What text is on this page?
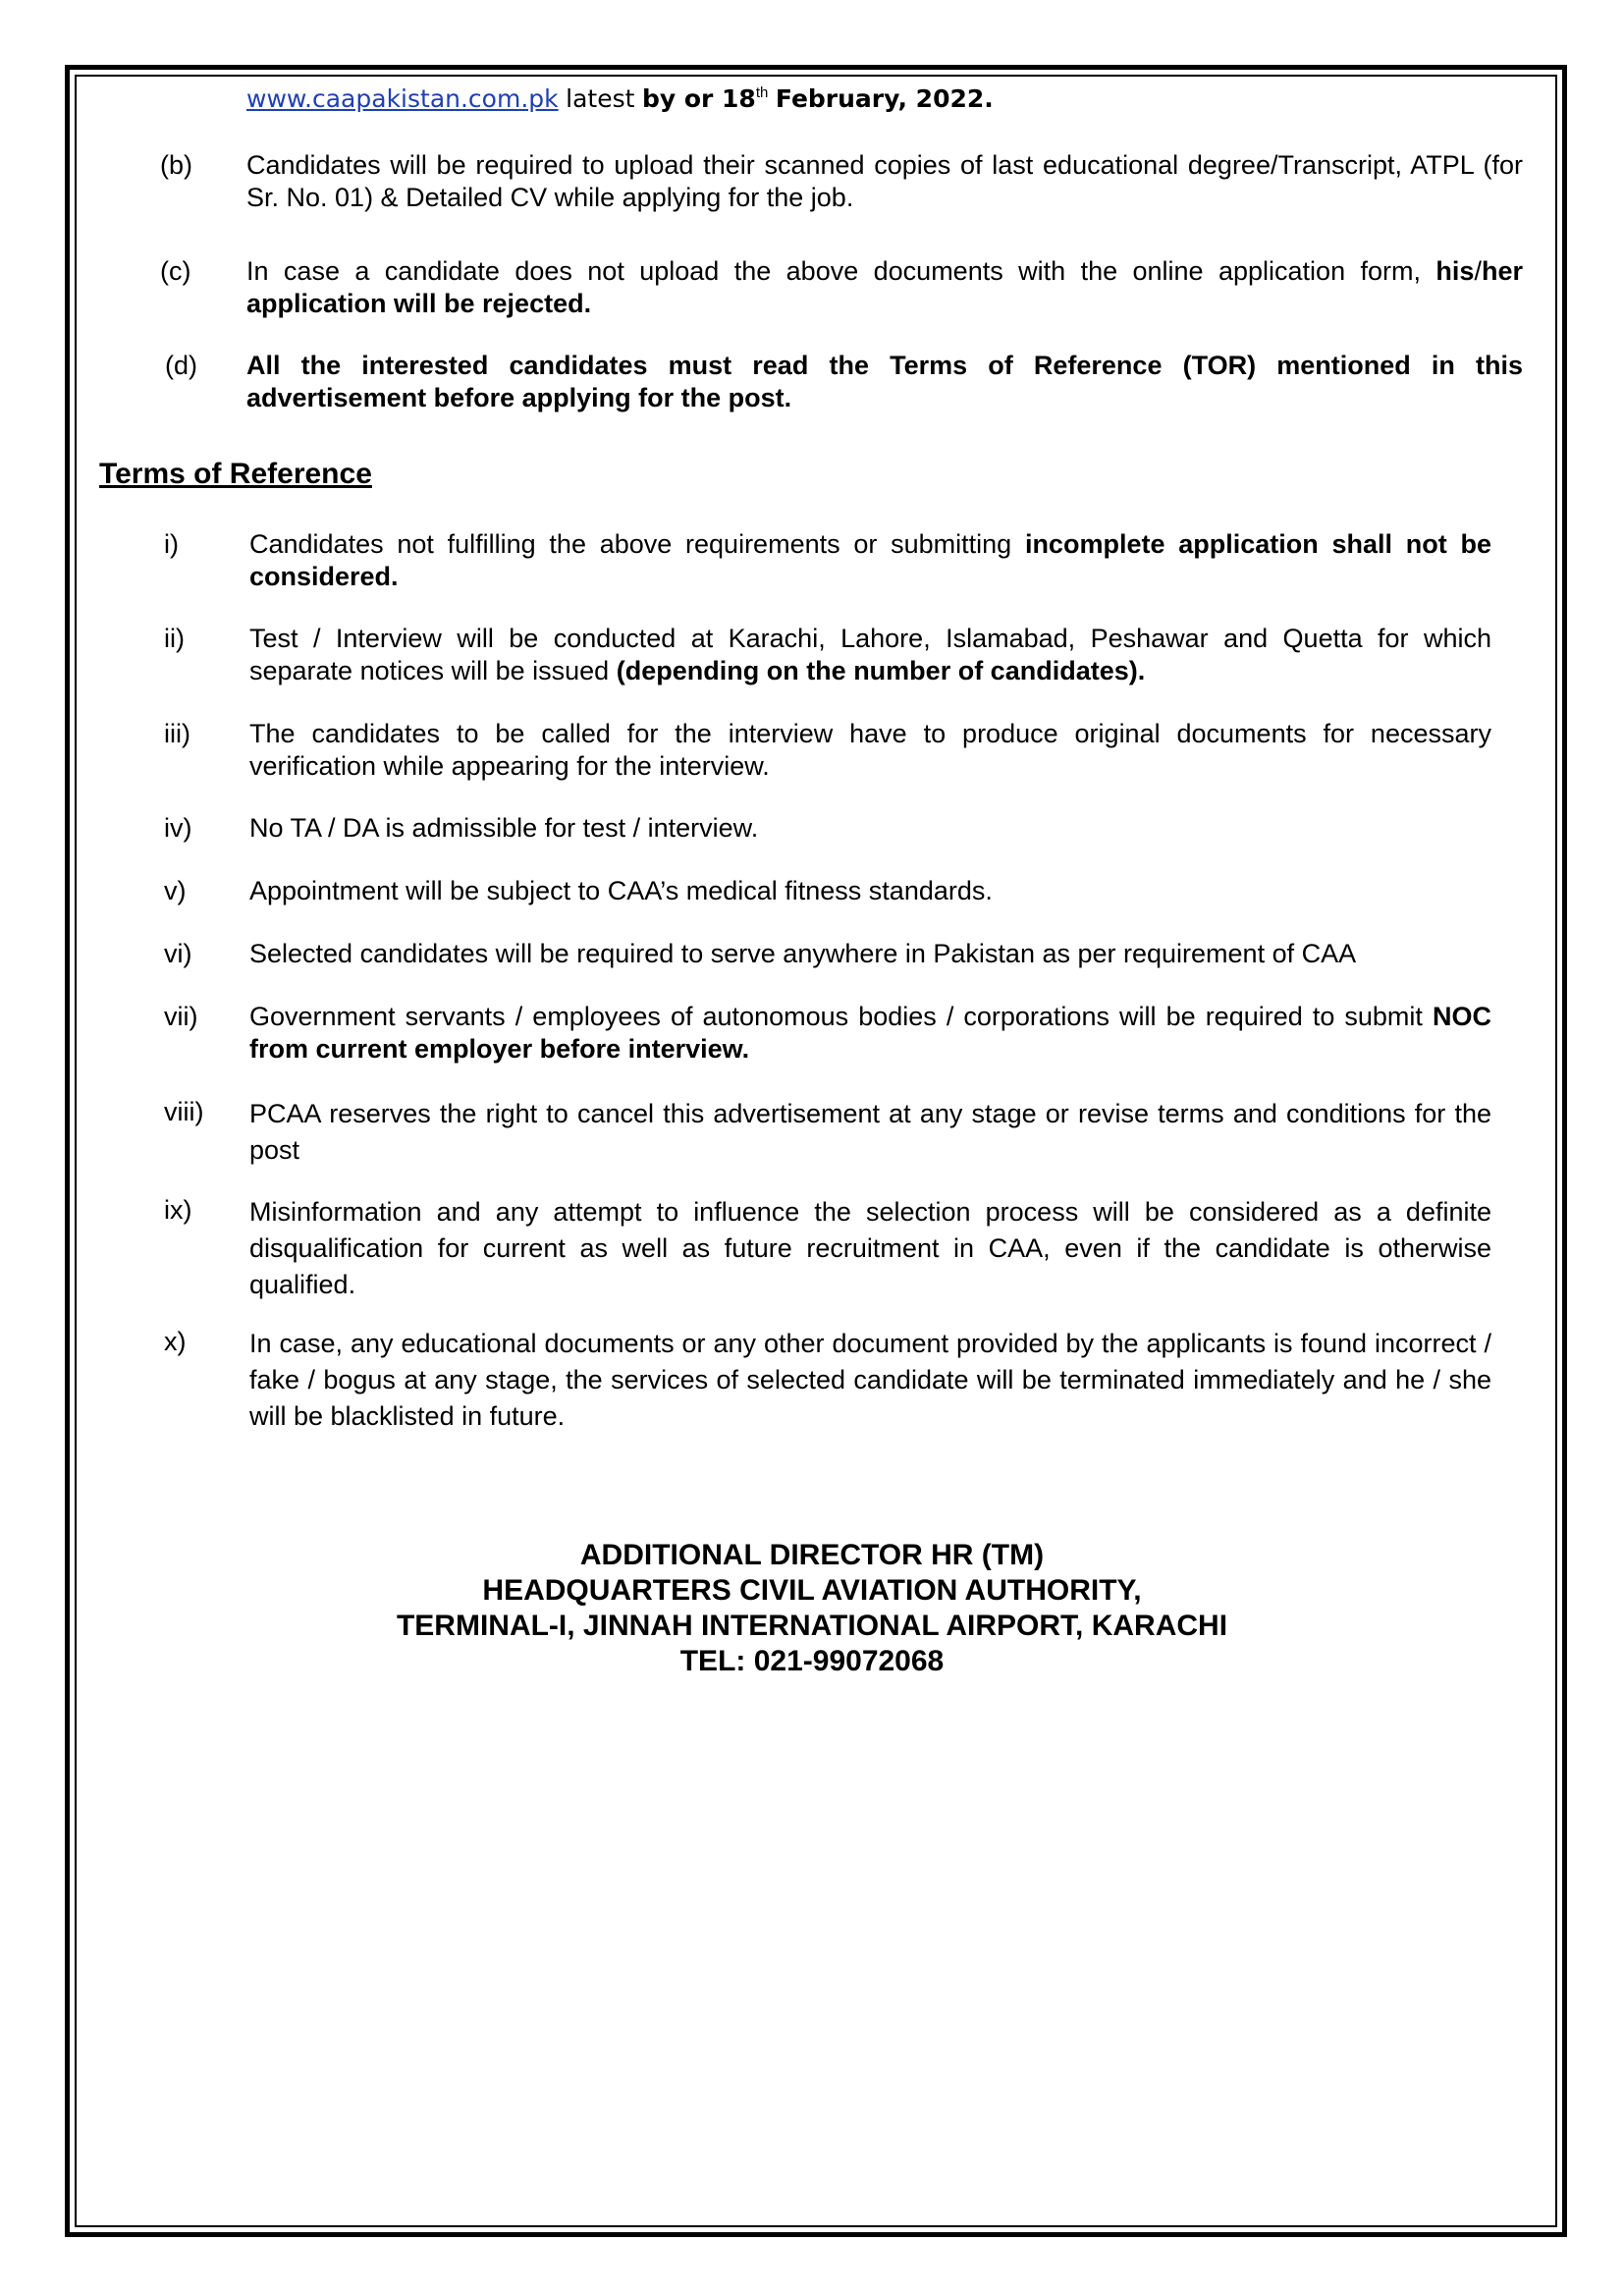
www.caapakistan.com.pk latest by or 18th February, 2022.
(b) Candidates will be required to upload their scanned copies of last educational degree/Transcript, ATPL (for Sr. No. 01) & Detailed CV while applying for the job.
(c) In case a candidate does not upload the above documents with the online application form, his/her application will be rejected.
(d) All the interested candidates must read the Terms of Reference (TOR) mentioned in this advertisement before applying for the post.
Terms of Reference
i)	Candidates not fulfilling the above requirements or submitting incomplete application shall not be considered.
ii) Test / Interview will be conducted at Karachi, Lahore, Islamabad, Peshawar and Quetta for which separate notices will be issued (depending on the number of candidates).
iii) The candidates to be called for the interview have to produce original documents for necessary verification while appearing for the interview.
iv) No TA / DA is admissible for test / interview.
v) Appointment will be subject to CAA’s medical fitness standards.
vi) Selected candidates will be required to serve anywhere in Pakistan as per requirement of CAA
vii) Government servants / employees of autonomous bodies / corporations will be required to submit NOC from current employer before interview.
viii) PCAA reserves the right to cancel this advertisement at any stage or revise terms and conditions for the post
ix) Misinformation and any attempt to influence the selection process will be considered as a definite disqualification for current as well as future recruitment in CAA, even if the candidate is otherwise qualified.
x) In case, any educational documents or any other document provided by the applicants is found incorrect / fake / bogus at any stage, the services of selected candidate will be terminated immediately and he / she will be blacklisted in future.
ADDITIONAL DIRECTOR HR (TM)
HEADQUARTERS CIVIL AVIATION AUTHORITY,
TERMINAL-I, JINNAH INTERNATIONAL AIRPORT, KARACHI
TEL: 021-99072068
